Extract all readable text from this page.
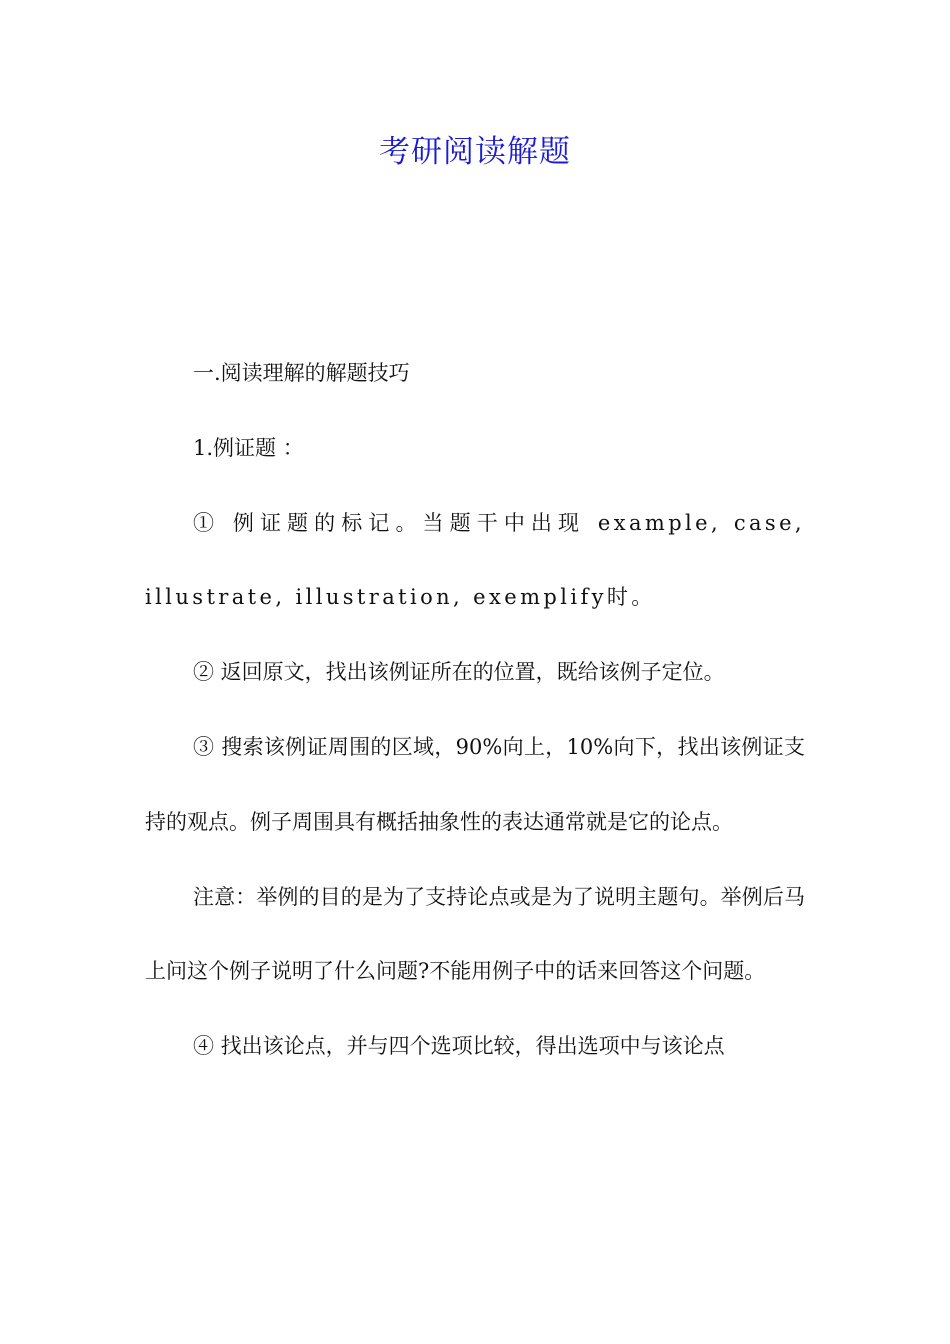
考研阅读解题

一.阅读理解的解题技巧

1.例证题 ：

① 例证题的标记。当题干中出现 example, case, illustrate, illustration, exemplify时。

② 返回原文，找出该例证所在的位置，既给该例子定位。

③ 搜索该例证周围的区域，90%向上，10%向下，找出该例证支持的观点。例子周围具有概括抽象性的表达通常就是它的论点。

注意：举例的目的是为了支持论点或是为了说明主题句。举例后马上问这个例子说明了什么问题?不能用例子中的话来回答这个问题。

④ 找出该论点，并与四个选项比较，得出选项中与该论点
